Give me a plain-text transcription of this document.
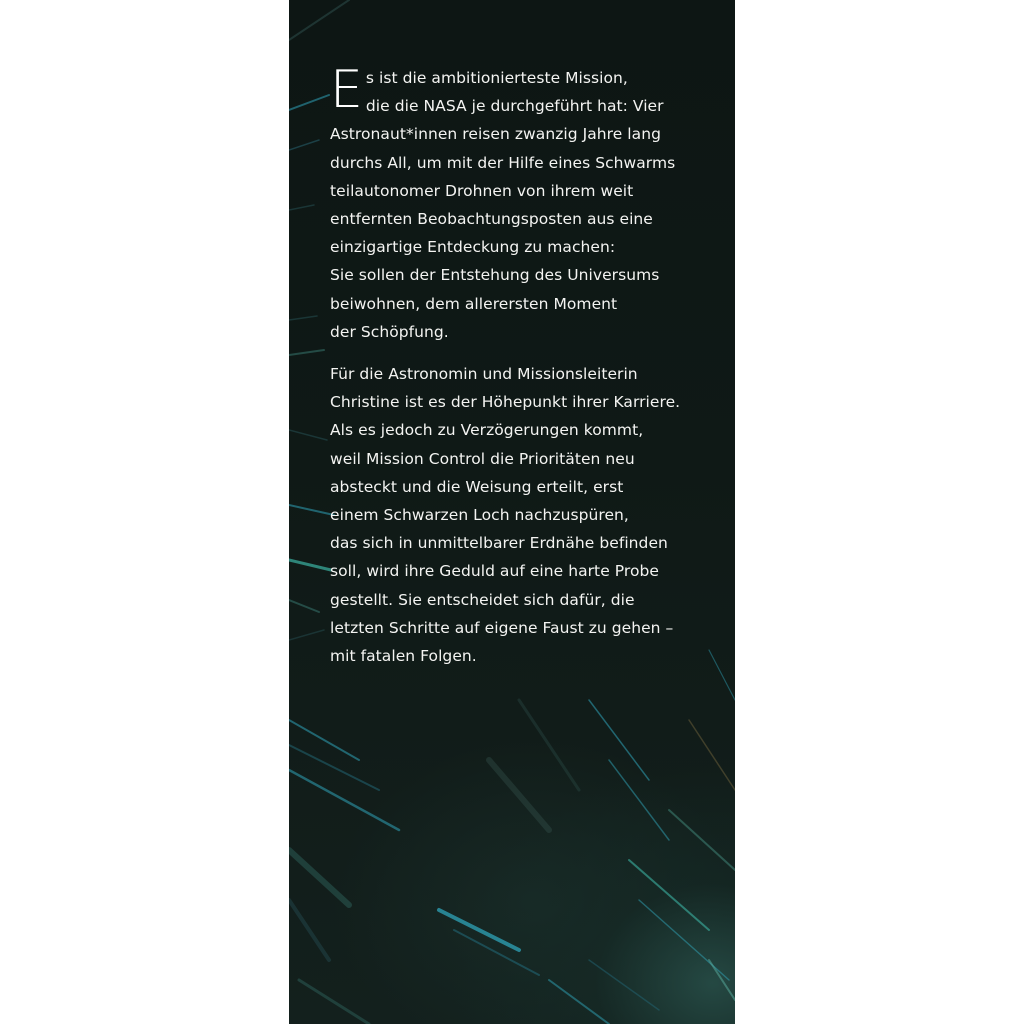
E s ist die ambitionierteste Mission,
die die NASA je durchgeführt hat: Vier
Astronaut*innen reisen zwanzig Jahre lang
durchs All, um mit der Hilfe eines Schwarms
teilautonomer Drohnen von ihrem weit
entfernten Beobachtungsposten aus eine
einzigartige Entdeckung zu machen:
Sie sollen der Entstehung des Universums
beiwohnen, dem allerersten Moment
der Schöpfung.

Für die Astronomin und Missionsleiterin
Christine ist es der Höhepunkt ihrer Karriere.
Als es jedoch zu Verzögerungen kommt,
weil Mission Control die Prioritäten neu
absteckt und die Weisung erteilt, erst
einem Schwarzen Loch nachzuspüren,
das sich in unmittelbarer Erdnähe befinden
soll, wird ihre Geduld auf eine harte Probe
gestellt. Sie entscheidet sich dafür, die
letzten Schritte auf eigene Faust zu gehen –
mit fatalen Folgen.
